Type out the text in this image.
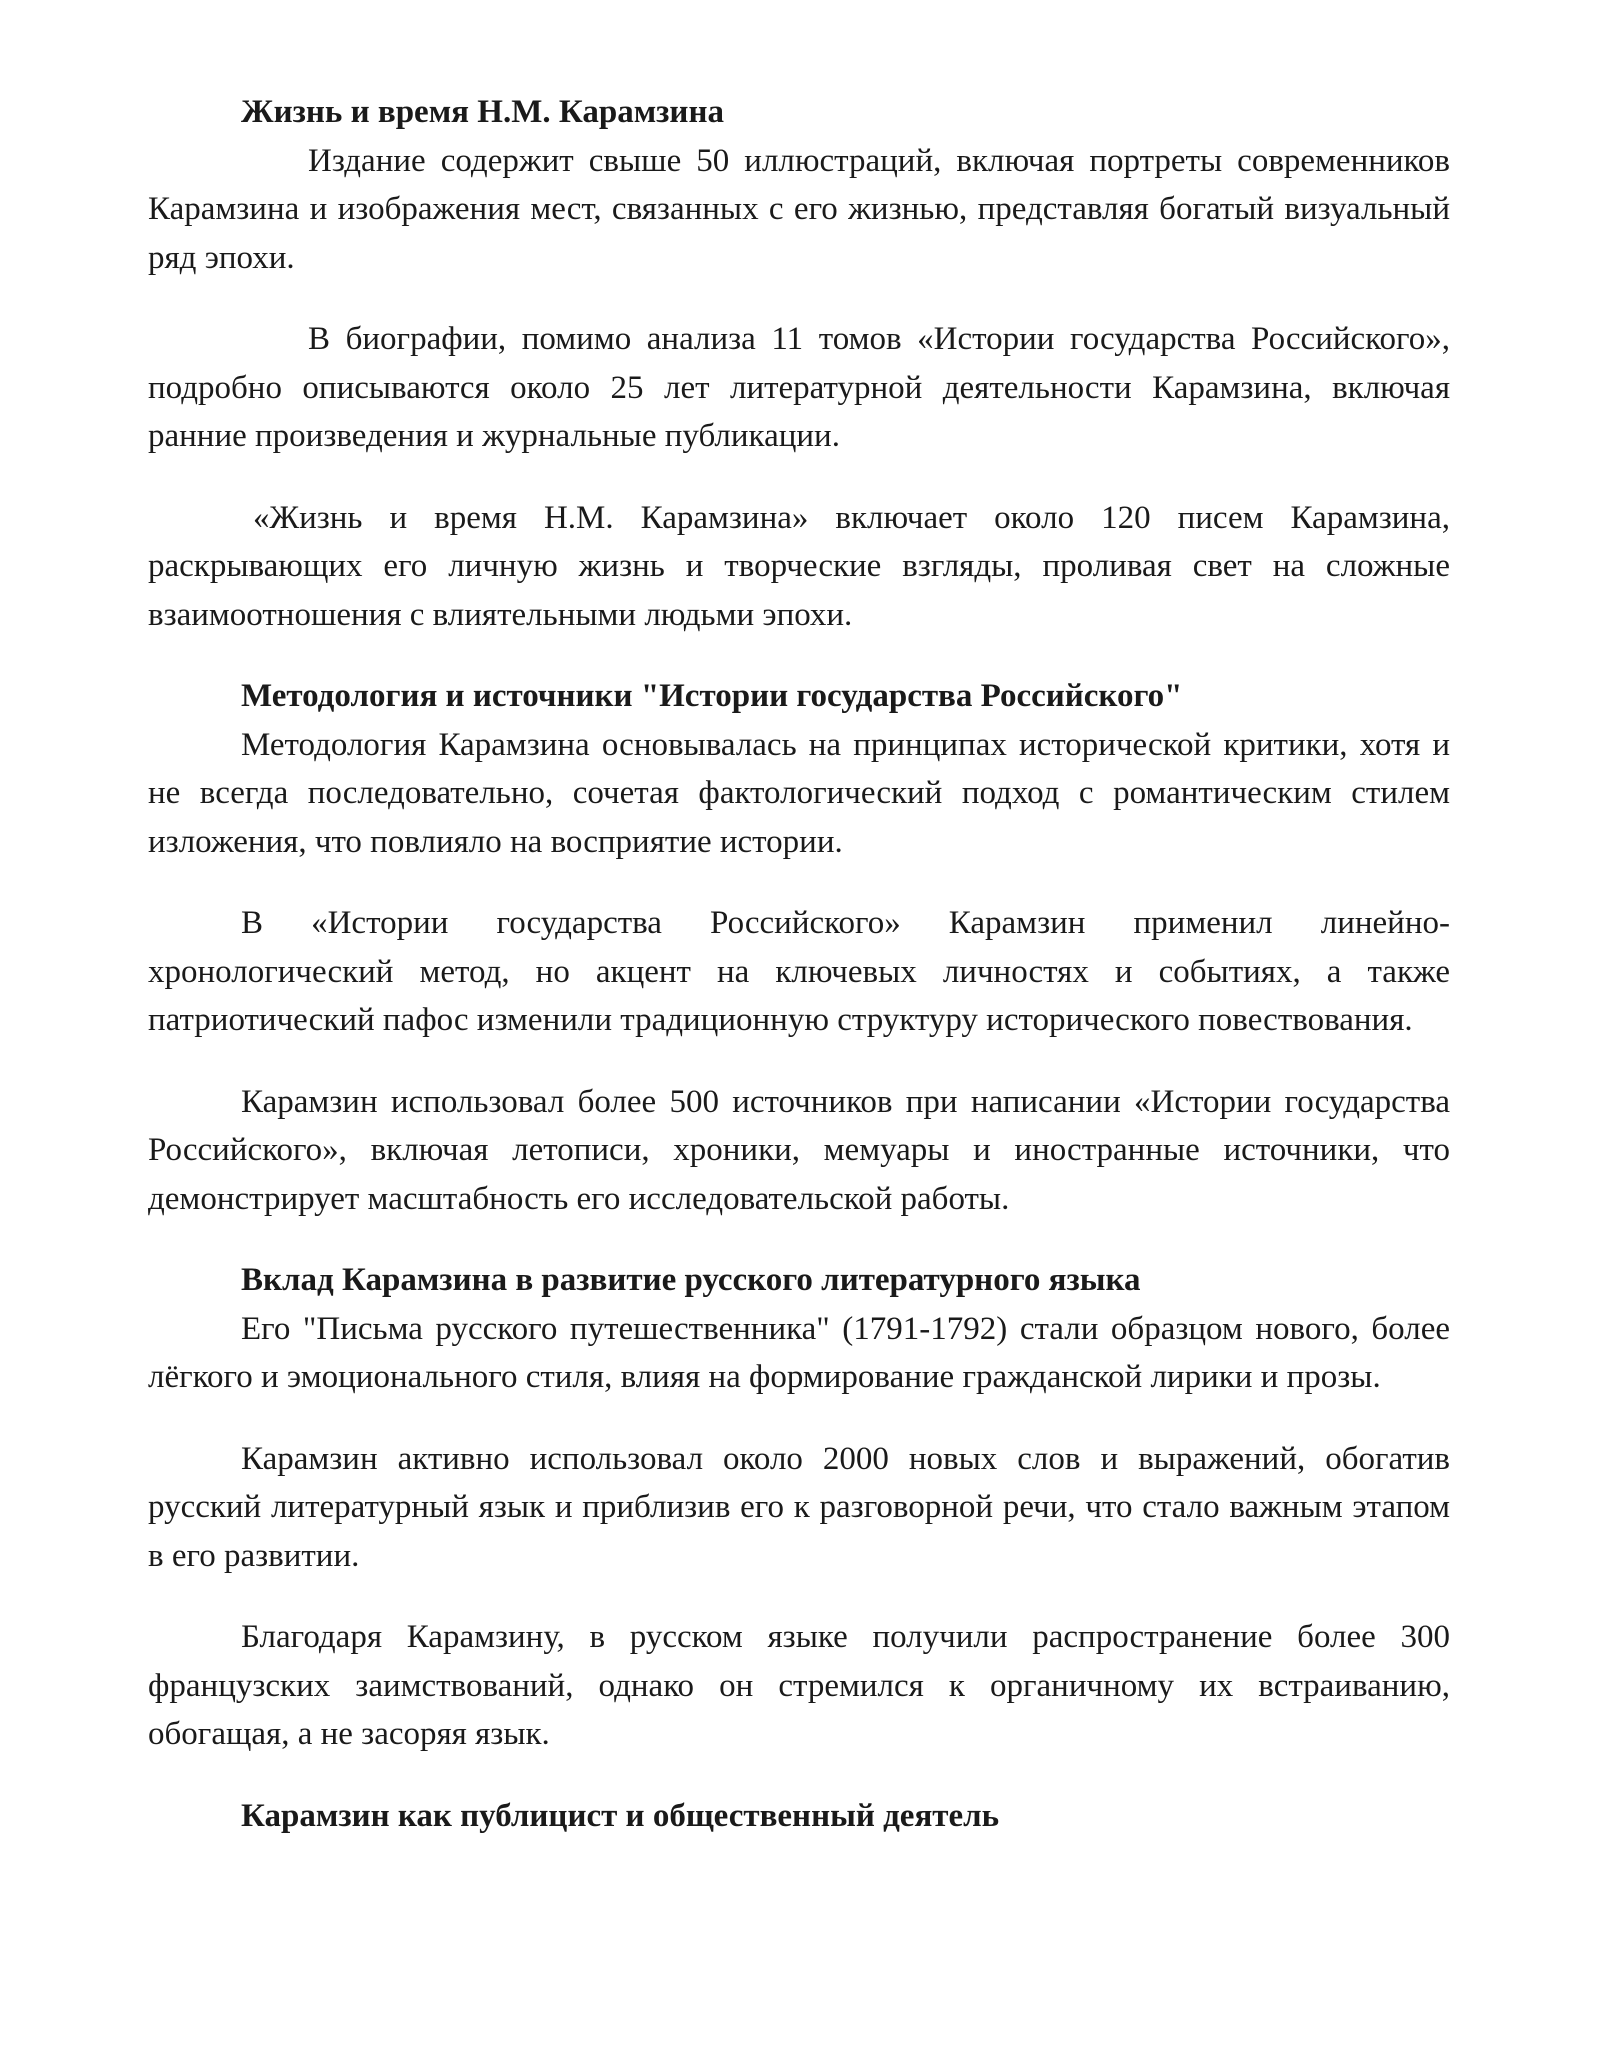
Жизнь и время Н.М. Карамзина

Издание содержит свыше 50 иллюстраций, включая портреты современников Карамзина и изображения мест, связанных с его жизнью, представляя богатый визуальный ряд эпохи.

В биографии, помимо анализа 11 томов «Истории государства Российского», подробно описываются около 25 лет литературной деятельности Карамзина, включая ранние произведения и журнальные публикации.

«Жизнь и время Н.М. Карамзина» включает около 120 писем Карамзина, раскрывающих его личную жизнь и творческие взгляды, проливая свет на сложные взаимоотношения с влиятельными людьми эпохи.

Методология и источники "Истории государства Российского"

Методология Карамзина основывалась на принципах исторической критики, хотя и не всегда последовательно, сочетая фактологический подход с романтическим стилем изложения, что повлияло на восприятие истории.

В «Истории государства Российского» Карамзин применил линейно-хронологический метод, но акцент на ключевых личностях и событиях, а также патриотический пафос изменили традиционную структуру исторического повествования.

Карамзин использовал более 500 источников при написании «Истории государства Российского», включая летописи, хроники, мемуары и иностранные источники, что демонстрирует масштабность его исследовательской работы.

Вклад Карамзина в развитие русского литературного языка

Его "Письма русского путешественника" (1791-1792) стали образцом нового, более лёгкого и эмоционального стиля, влияя на формирование гражданской лирики и прозы.

Карамзин активно использовал около 2000 новых слов и выражений, обогатив русский литературный язык и приблизив его к разговорной речи, что стало важным этапом в его развитии.

Благодаря Карамзину, в русском языке получили распространение более 300 французских заимствований, однако он стремился к органичному их встраиванию, обогащая, а не засоряя язык.

Карамзин как публицист и общественный деятель
